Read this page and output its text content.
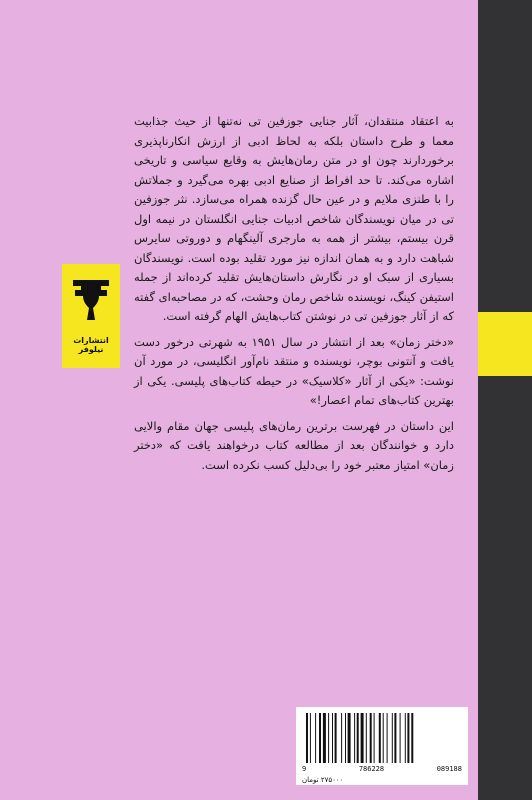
انتشارات نیلوفر

به اعتقاد منتقدان، آثار جنایی جوزفین تی نه‌تنها از حیث جذابیت معما و طرح داستان بلکه به لحاظ ادبی از ارزش انکارناپذیری برخوردارند چون او در متن رمان‌هایش به وقایع سیاسی و تاریخی اشاره می‌کند. تا حد افراط از صنایع ادبی بهره می‌گیرد و جملاتش را با طنزی ملایم و در عین حال گزنده همراه می‌سازد. نثر جوزفین تی در میان نویسندگان شاخص ادبیات جنایی انگلستان در نیمه اول قرن بیستم، بیشتر از همه به مارجری آلینگهام و دوروتی سایرس شباهت دارد و به همان اندازه نیز مورد تقلید بوده است. نویسندگان بسیاری از سبک او در نگارش داستان‌هایش تقلید کرده‌اند از جمله استیفن کینگ، نویسنده شاخص رمان وحشت، که در مصاحبه‌ای گفته که از آثار جوزفین تی در نوشتن کتاب‌هایش الهام گرفته است.

«دختر زمان» بعد از انتشار در سال ۱۹۵۱ به شهرتی درخور دست یافت و آنتونی بوچر، نویسنده و منتقد نام‌آور انگلیسی، در مورد آن نوشت: «یکی از آثار «کلاسیک» در حیطه کتاب‌های پلیسی. یکی از بهترین کتاب‌های تمام اعصار!»

این داستان در فهرست برترین رمان‌های پلیسی جهان مقام والایی دارد و خوانندگان بعد از مطالعه کتاب درخواهند یافت که «دختر زمان» امتیاز معتبر خود را بی‌دلیل کسب نکرده است.

9	786228	089188
۲۷۵۰۰۰ تومان
